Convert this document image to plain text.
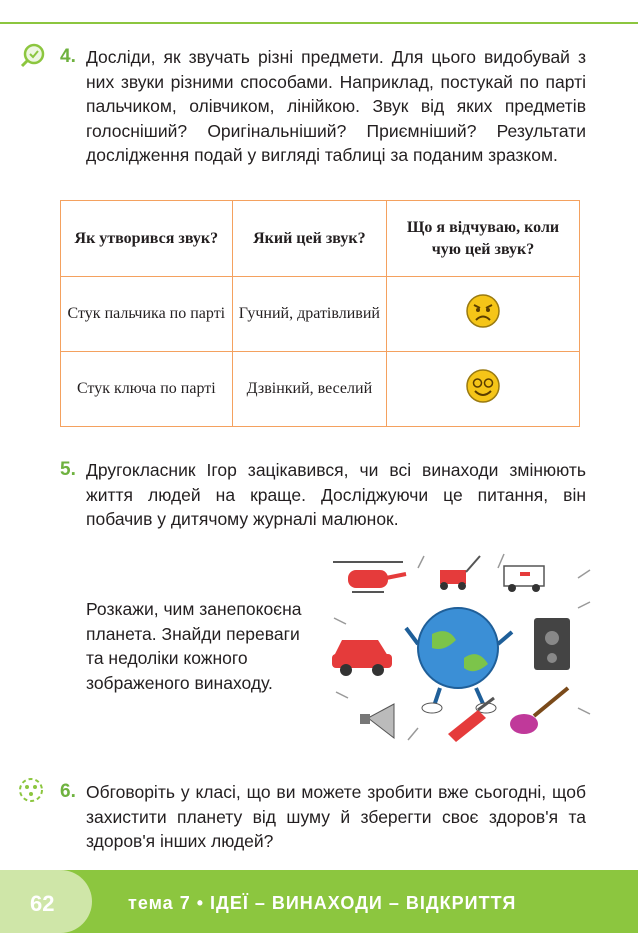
4. Досліди, як звучать різні предмети. Для цього видобувай з них звуки різними способами. Наприклад, постукай по парті пальчиком, олівчиком, лінійкою. Звук від яких предметів голосніший? Оригінальніший? Приємніший? Результати дослідження подай у вигляді таблиці за поданим зразком.
Як утворився звук?	Який цей звук?	Що я відчуваю, коли чую цей звук?
Стук пальчика по парті	Гучний, дратівливий	
Стук ключа по парті	Дзвінкий, веселий	
5. Другокласник Ігор зацікавився, чи всі винаходи змінюють життя людей на краще. Досліджуючи це питання, він побачив у дитячому журналі малюнок.
Розкажи, чим занепокоєна планета. Знайди переваги та недоліки кожного зображеного винаходу.
6. Обговоріть у класі, що ви можете зробити вже сьогодні, щоб захистити планету від шуму й зберегти своє здоров'я та здоров'я інших людей?
62	тема 7 • ІДЕЇ – ВИНАХОДИ – ВІДКРИТТЯ
